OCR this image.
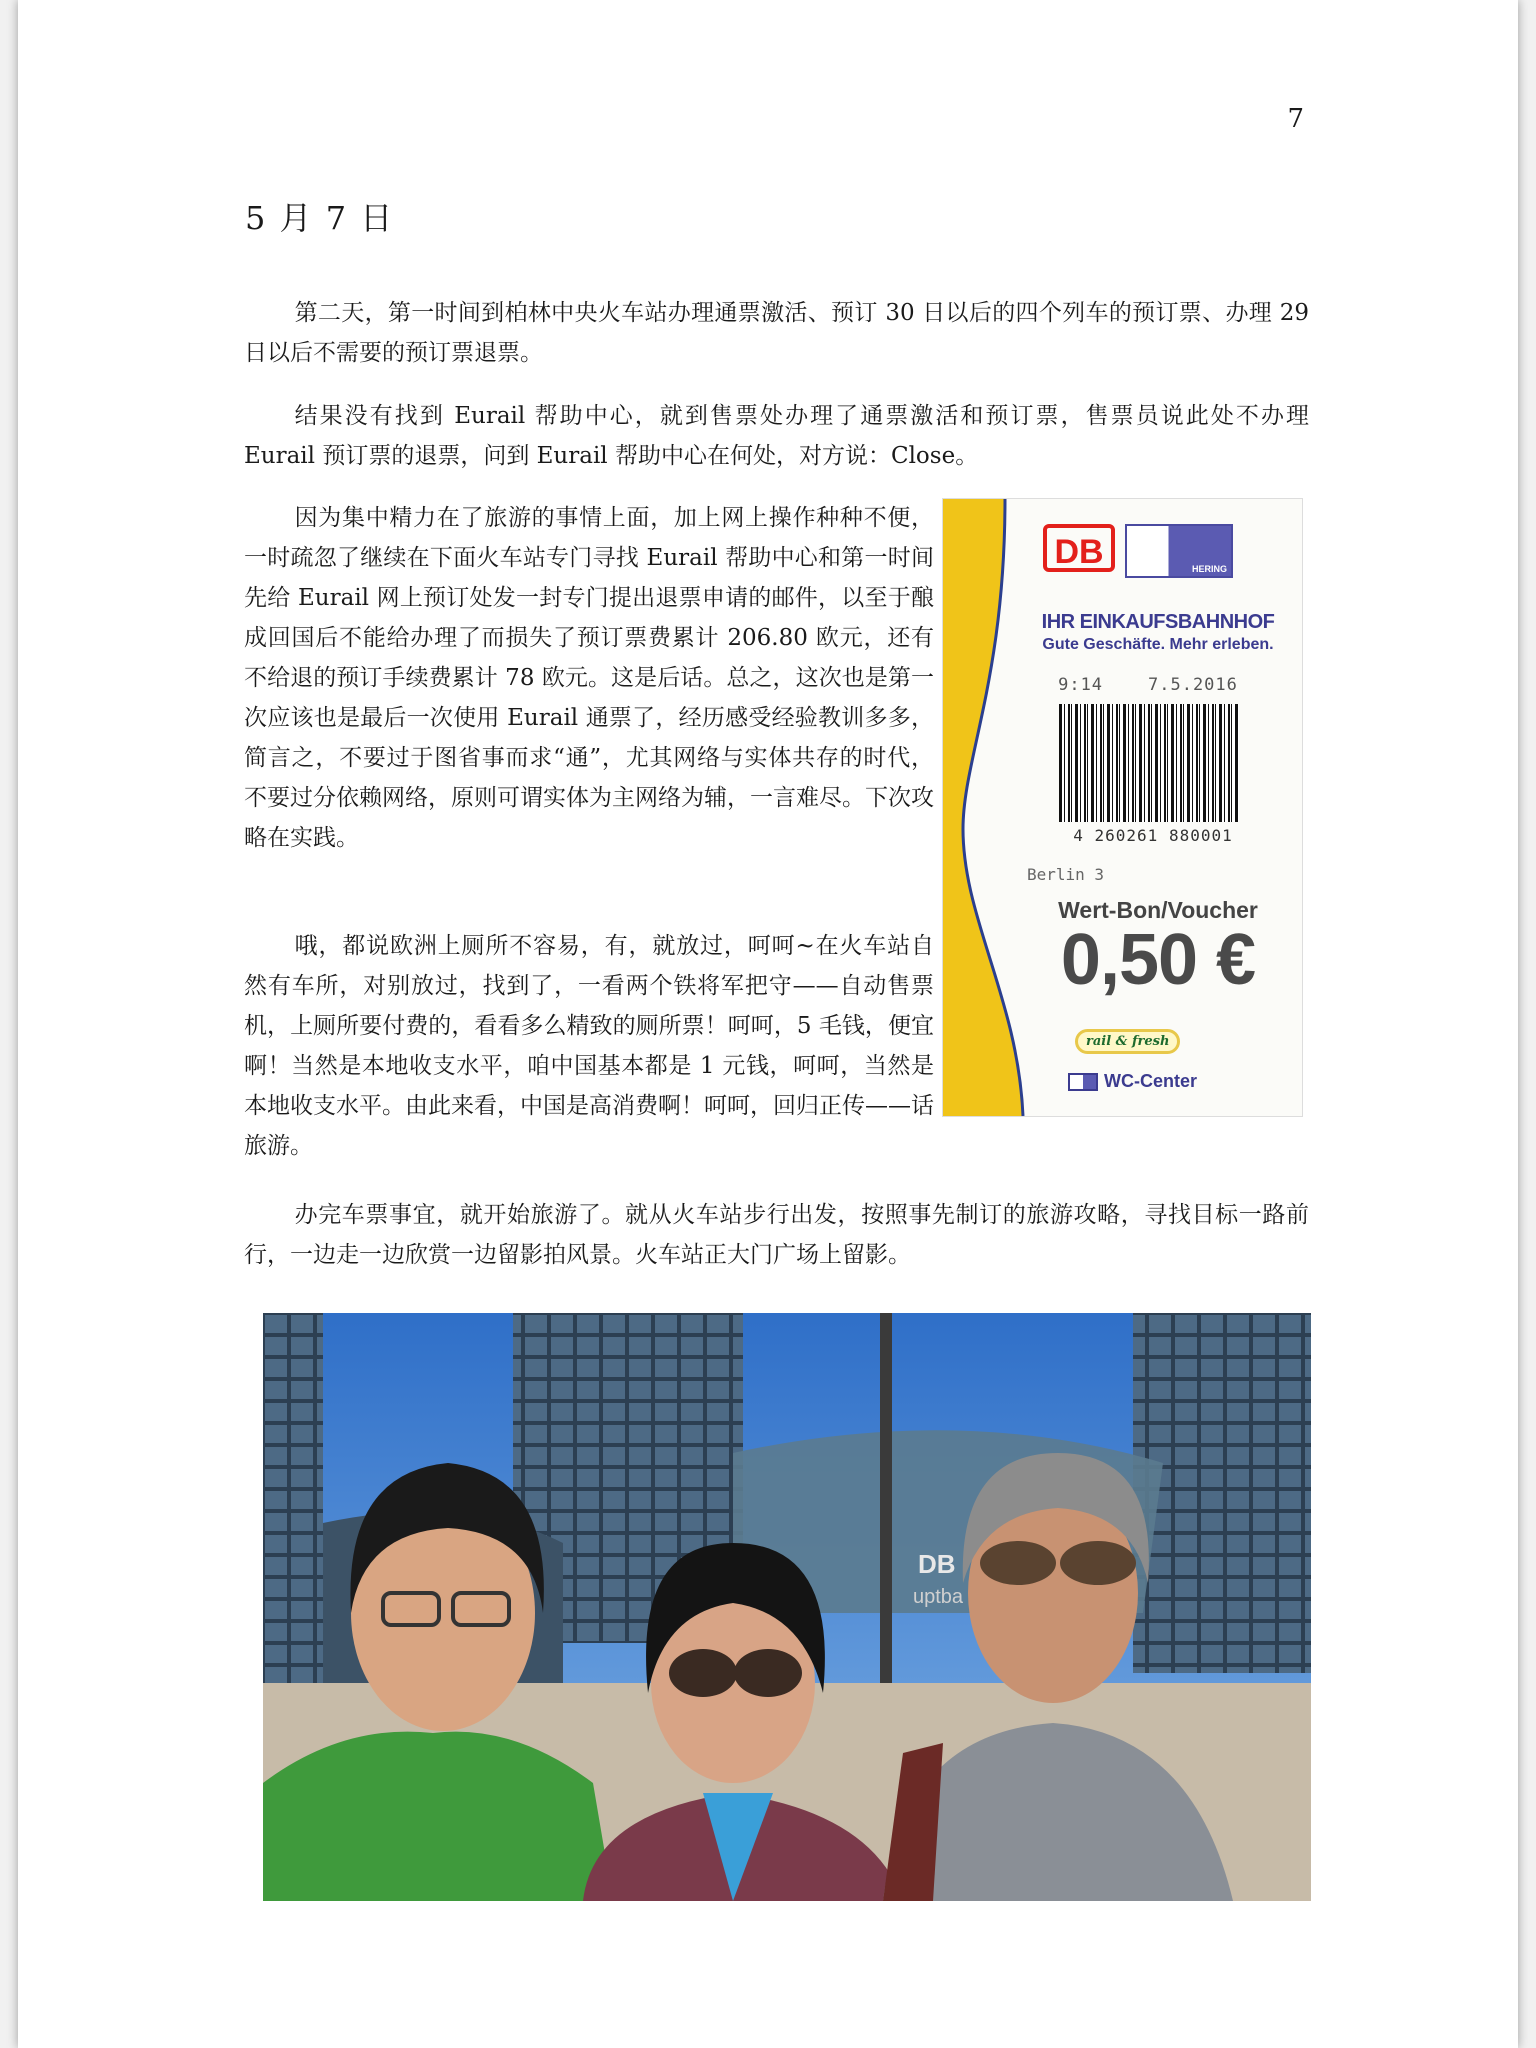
7
5 月 7 日

第二天，第一时间到柏林中央火车站办理通票激活、预订 30 日以后的四个列车的预订票、办理 29 日以后不需要的预订票退票。

结果没有找到 Eurail 帮助中心，就到售票处办理了通票激活和预订票，售票员说此处不办理 Eurail 预订票的退票，问到 Eurail 帮助中心在何处，对方说：Close。

因为集中精力在了旅游的事情上面，加上网上操作种种不便，一时疏忽了继续在下面火车站专门寻找 Eurail 帮助中心和第一时间先给 Eurail 网上预订处发一封专门提出退票申请的邮件，以至于酿成回国后不能给办理了而损失了预订票费累计 206.80 欧元，还有不给退的预订手续费累计 78 欧元。这是后话。总之，这次也是第一次应该也是最后一次使用 Eurail 通票了，经历感受经验教训多多，简言之，不要过于图省事而求“通”，尤其网络与实体共存的时代，不要过分依赖网络，原则可谓实体为主网络为辅，一言难尽。下次攻略在实践。

哦，都说欧洲上厕所不容易，有，就放过，呵呵~在火车站自然有车所，对别放过，找到了，一看两个铁将军把守——自动售票机，上厕所要付费的，看看多么精致的厕所票！呵呵，5 毛钱，便宜啊！当然是本地收支水平，咱中国基本都是 1 元钱，呵呵，当然是本地收支水平。由此来看，中国是高消费啊！呵呵，回归正传——话旅游。

办完车票事宜，就开始旅游了。就从火车站步行出发，按照事先制订的旅游攻略，寻找目标一路前行，一边走一边欣赏一边留影拍风景。火车站正大门广场上留影。

DB	HERING
IHR EINKAUFSBAHNHOF
Gute Geschäfte. Mehr erleben.
9:14	7.5.2016
4 260261 880001
Berlin 3
Wert-Bon/Voucher
0,50 €
rail & fresh
WC-Center
DB
uptba
